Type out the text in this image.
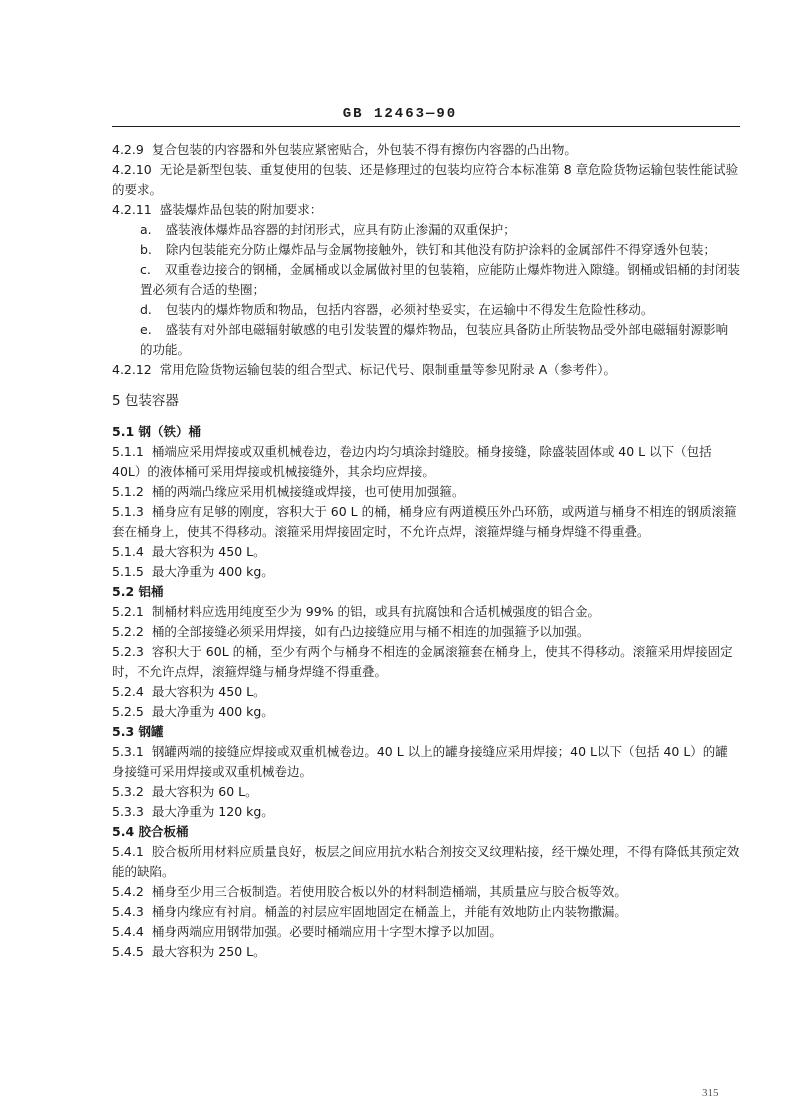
GB 12463—90

4.2.9 复合包装的内容器和外包装应紧密贴合，外包装不得有擦伤内容器的凸出物。

4.2.10 无论是新型包装、重复使用的包装、还是修理过的包装均应符合本标准第 8 章危险货物运输包装性能试验的要求。

4.2.11 盛装爆炸品包装的附加要求：

a. 盛装液体爆炸品容器的封闭形式，应具有防止渗漏的双重保护；

b. 除内包装能充分防止爆炸品与金属物接触外，铁钉和其他没有防护涂料的金属部件不得穿透外包装；

c. 双重卷边接合的钢桶，金属桶或以金属做衬里的包装箱，应能防止爆炸物进入隙缝。钢桶或铝桶的封闭装置必须有合适的垫圈；

d. 包装内的爆炸物质和物品，包括内容器，必须衬垫妥实，在运输中不得发生危险性移动。

e. 盛装有对外部电磁辐射敏感的电引发装置的爆炸物品，包装应具备防止所装物品受外部电磁辐射源影响的功能。

4.2.12 常用危险货物运输包装的组合型式、标记代号、限制重量等参见附录 A（参考件）。

5 包装容器

5.1 钢（铁）桶

5.1.1 桶端应采用焊接或双重机械卷边，卷边内均匀填涂封缝胶。桶身接缝，除盛装固体或 40 L 以下（包括 40L）的液体桶可采用焊接或机械接缝外，其余均应焊接。

5.1.2 桶的两端凸缘应采用机械接缝或焊接，也可使用加强箍。

5.1.3 桶身应有足够的刚度，容积大于 60 L 的桶，桶身应有两道模压外凸环筋，或两道与桶身不相连的钢质滚箍套在桶身上，使其不得移动。滚箍采用焊接固定时，不允许点焊，滚箍焊缝与桶身焊缝不得重叠。

5.1.4 最大容积为 450 L。

5.1.5 最大净重为 400 kg。

5.2 铝桶

5.2.1 制桶材料应选用纯度至少为 99% 的铝，或具有抗腐蚀和合适机械强度的铝合金。

5.2.2 桶的全部接缝必须采用焊接，如有凸边接缝应用与桶不相连的加强箍予以加强。

5.2.3 容积大于 60L 的桶，至少有两个与桶身不相连的金属滚箍套在桶身上，使其不得移动。滚箍采用焊接固定时，不允许点焊，滚箍焊缝与桶身焊缝不得重叠。

5.2.4 最大容积为 450 L。

5.2.5 最大净重为 400 kg。

5.3 钢罐

5.3.1 钢罐两端的接缝应焊接或双重机械卷边。40 L 以上的罐身接缝应采用焊接；40 L以下（包括 40 L）的罐身接缝可采用焊接或双重机械卷边。

5.3.2 最大容积为 60 L。

5.3.3 最大净重为 120 kg。

5.4 胶合板桶

5.4.1 胶合板所用材料应质量良好，板层之间应用抗水粘合剂按交叉纹理粘接，经干燥处理，不得有降低其预定效能的缺陷。

5.4.2 桶身至少用三合板制造。若使用胶合板以外的材料制造桶端，其质量应与胶合板等效。

5.4.3 桶身内缘应有衬肩。桶盖的衬层应牢固地固定在桶盖上，并能有效地防止内装物撒漏。

5.4.4 桶身两端应用钢带加强。必要时桶端应用十字型木撑予以加固。

5.4.5 最大容积为 250 L。

315
